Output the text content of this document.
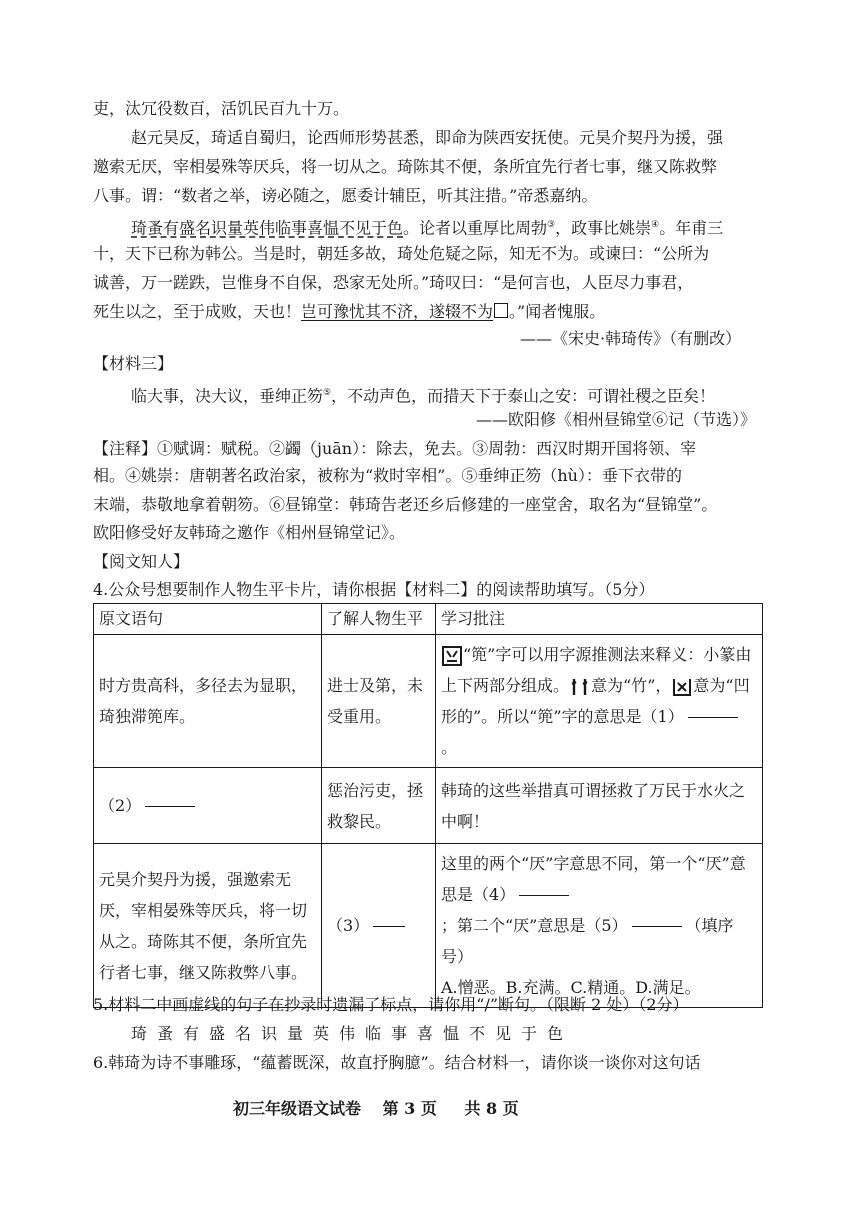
吏，汰冗役数百，活饥民百九十万。
赵元昊反，琦适自蜀归，论西师形势甚悉，即命为陕西安抚使。元昊介契丹为援，强
邀索无厌，宰相晏殊等厌兵，将一切从之。琦陈其不便，条所宜先行者七事，继又陈救弊
八事。谓：“数者之举，谤必随之，愿委计辅臣，听其注措。”帝悉嘉纳。
琦蚤有盛名识量英伟临事喜愠不见于色。论者以重厚比周勃③，政事比姚崇④。年甫三
十，天下已称为韩公。当是时，朝廷多故，琦处危疑之际，知无不为。或谏曰：“公所为
诚善，万一蹉跌，岂惟身不自保，恐家无处所。”琦叹曰：“是何言也，人臣尽力事君，
死生以之，至于成败，天也！岂可豫忧其不济，遂辍不为 。”闻者愧服。
——《宋史·韩琦传》（有删改）
【材料三】
临大事，决大议，垂绅正笏⑤，不动声色，而措天下于泰山之安：可谓社稷之臣矣！
——欧阳修《相州昼锦堂⑥记（节选）》
【注释】①赋调：赋税。②蠲（juān）：除去，免去。③周勃：西汉时期开国将领、宰
相。④姚崇：唐朝著名政治家，被称为“救时宰相”。⑤垂绅正笏（hù）：垂下衣带的
末端，恭敬地拿着朝笏。⑥昼锦堂：韩琦告老还乡后修建的一座堂舍，取名为“昼锦堂”。
欧阳修受好友韩琦之邀作《相州昼锦堂记》。
【阅文知人】
4.公众号想要制作人物生平卡片，请你根据【材料二】的阅读帮助填写。（5分）
原文语句	了解人物生平	学习批注
时方贵高科，多径去为显职，琦独滞篼库。	进士及第，未受重用。	“篼”字可以用字源推测法来释义：小篆由上下两部分组成。 意为“竹”， 意为“凹形的”。所以“篼”字的意思是（1）。
（2）	惩治污吏，拯救黎民。	韩琦的这些举措真可谓拯救了万民于水火之中啊！
元昊介契丹为援，强邀索无厌，宰相晏殊等厌兵，将一切从之。琦陈其不便，条所宜先行者七事，继又陈救弊八事。	（3）	这里的两个“厌”字意思不同，第一个“厌”意思是（4）；第二个“厌”意思是（5） （填序号）
A.憎恶。B.充满。C.精通。D.满足。
5.材料二中画虚线的句子在抄录时遗漏了标点，请你用“/”断句。（限断 2 处）（2分）
琦蚤有盛名识量英伟临事喜愠不见于色
6.韩琦为诗不事雕琢，“蕴蓄既深，故直抒胸臆”。结合材料一，请你谈一谈你对这句话
初三年级语文试卷 第 3 页 共 8 页
